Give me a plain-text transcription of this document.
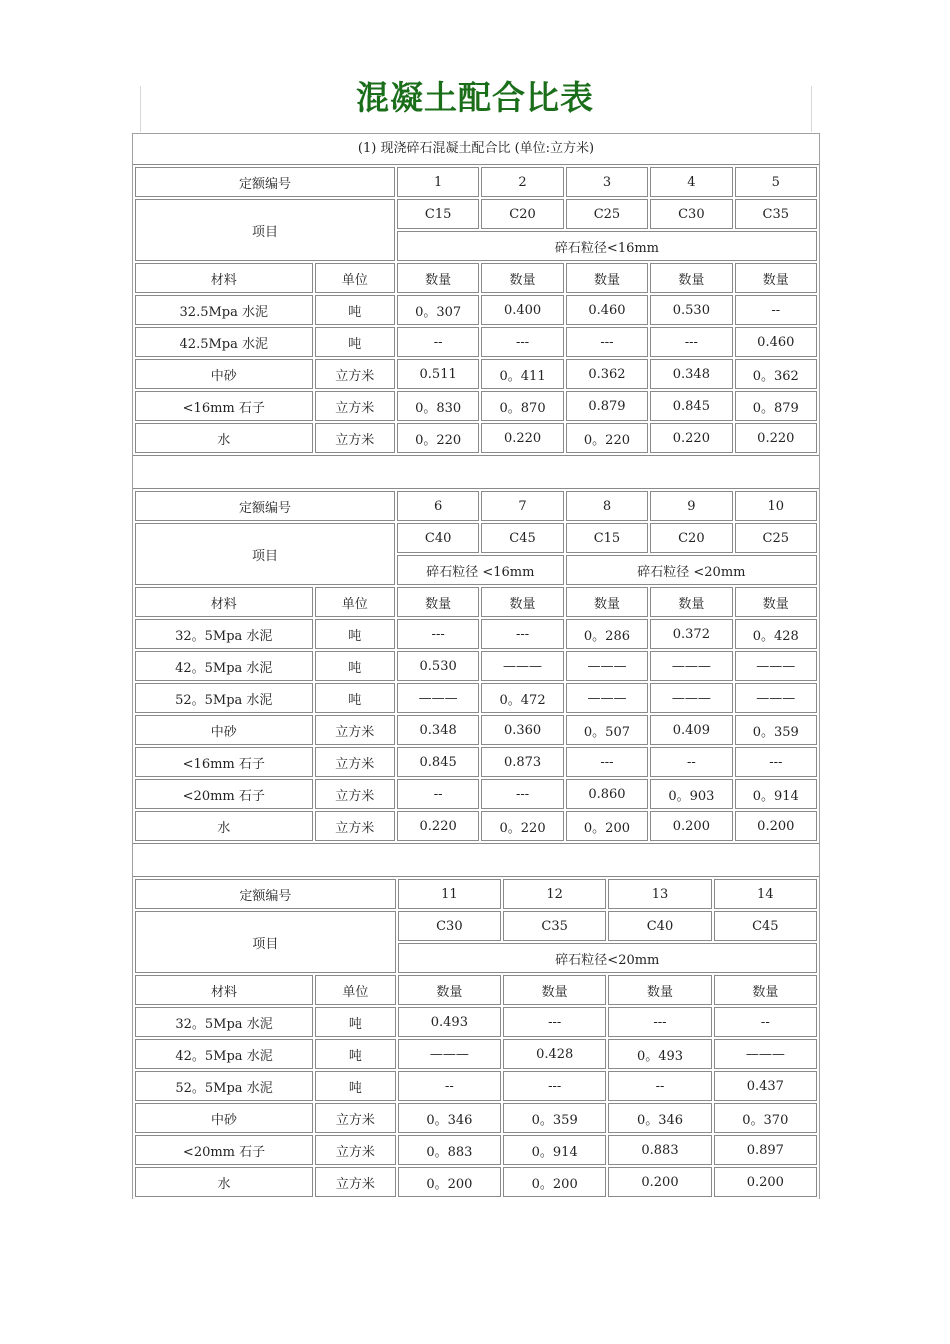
混凝土配合比表
(1) 现浇碎石混凝土配合比 (单位:立方米)
定额编号		1	2	3	4	5
项目		C15	C20	C25	C30	C35
		碎石粒径<16mm				
材料	单位	数量	数量	数量	数量	数量
32.5Mpa 水泥	吨	0。307	0.400	0.460	0.530	--
42.5Mpa 水泥	吨	--	---	---	---	0.460
中砂	立方米	0.511	0。411	0.362	0.348	0。362
<16mm 石子	立方米	0。830	0。870	0.879	0.845	0。879
水	立方米	0。220	0.220	0。220	0.220	0.220
定额编号		6	7	8	9	10
项目		C40	C45	C15	C20	C25
		碎石粒径 <16mm		碎石粒径 <20mm		
材料	单位	数量	数量	数量	数量	数量
32。5Mpa 水泥	吨	---	---	0。286	0.372	0。428
42。5Mpa 水泥	吨	0.530	———	———	———	———
52。5Mpa 水泥	吨	———	0。472	———	———	———
中砂	立方米	0.348	0.360	0。507	0.409	0。359
<16mm 石子	立方米	0.845	0.873	---	--	---
<20mm 石子	立方米	--	---	0.860	0。903	0。914
水	立方米	0.220	0。220	0。200	0.200	0.200
定额编号		11	12	13	14
项目		C30	C35	C40	C45
		碎石粒径<20mm			
材料	单位	数量	数量	数量	数量
32。5Mpa 水泥	吨	0.493	---	---	--
42。5Mpa 水泥	吨	———	0.428	0。493	———
52。5Mpa 水泥	吨	--	---	--	0.437
中砂	立方米	0。346	0。359	0。346	0。370
<20mm 石子	立方米	0。883	0。914	0.883	0.897
水	立方米	0。200	0。200	0.200	0.200
